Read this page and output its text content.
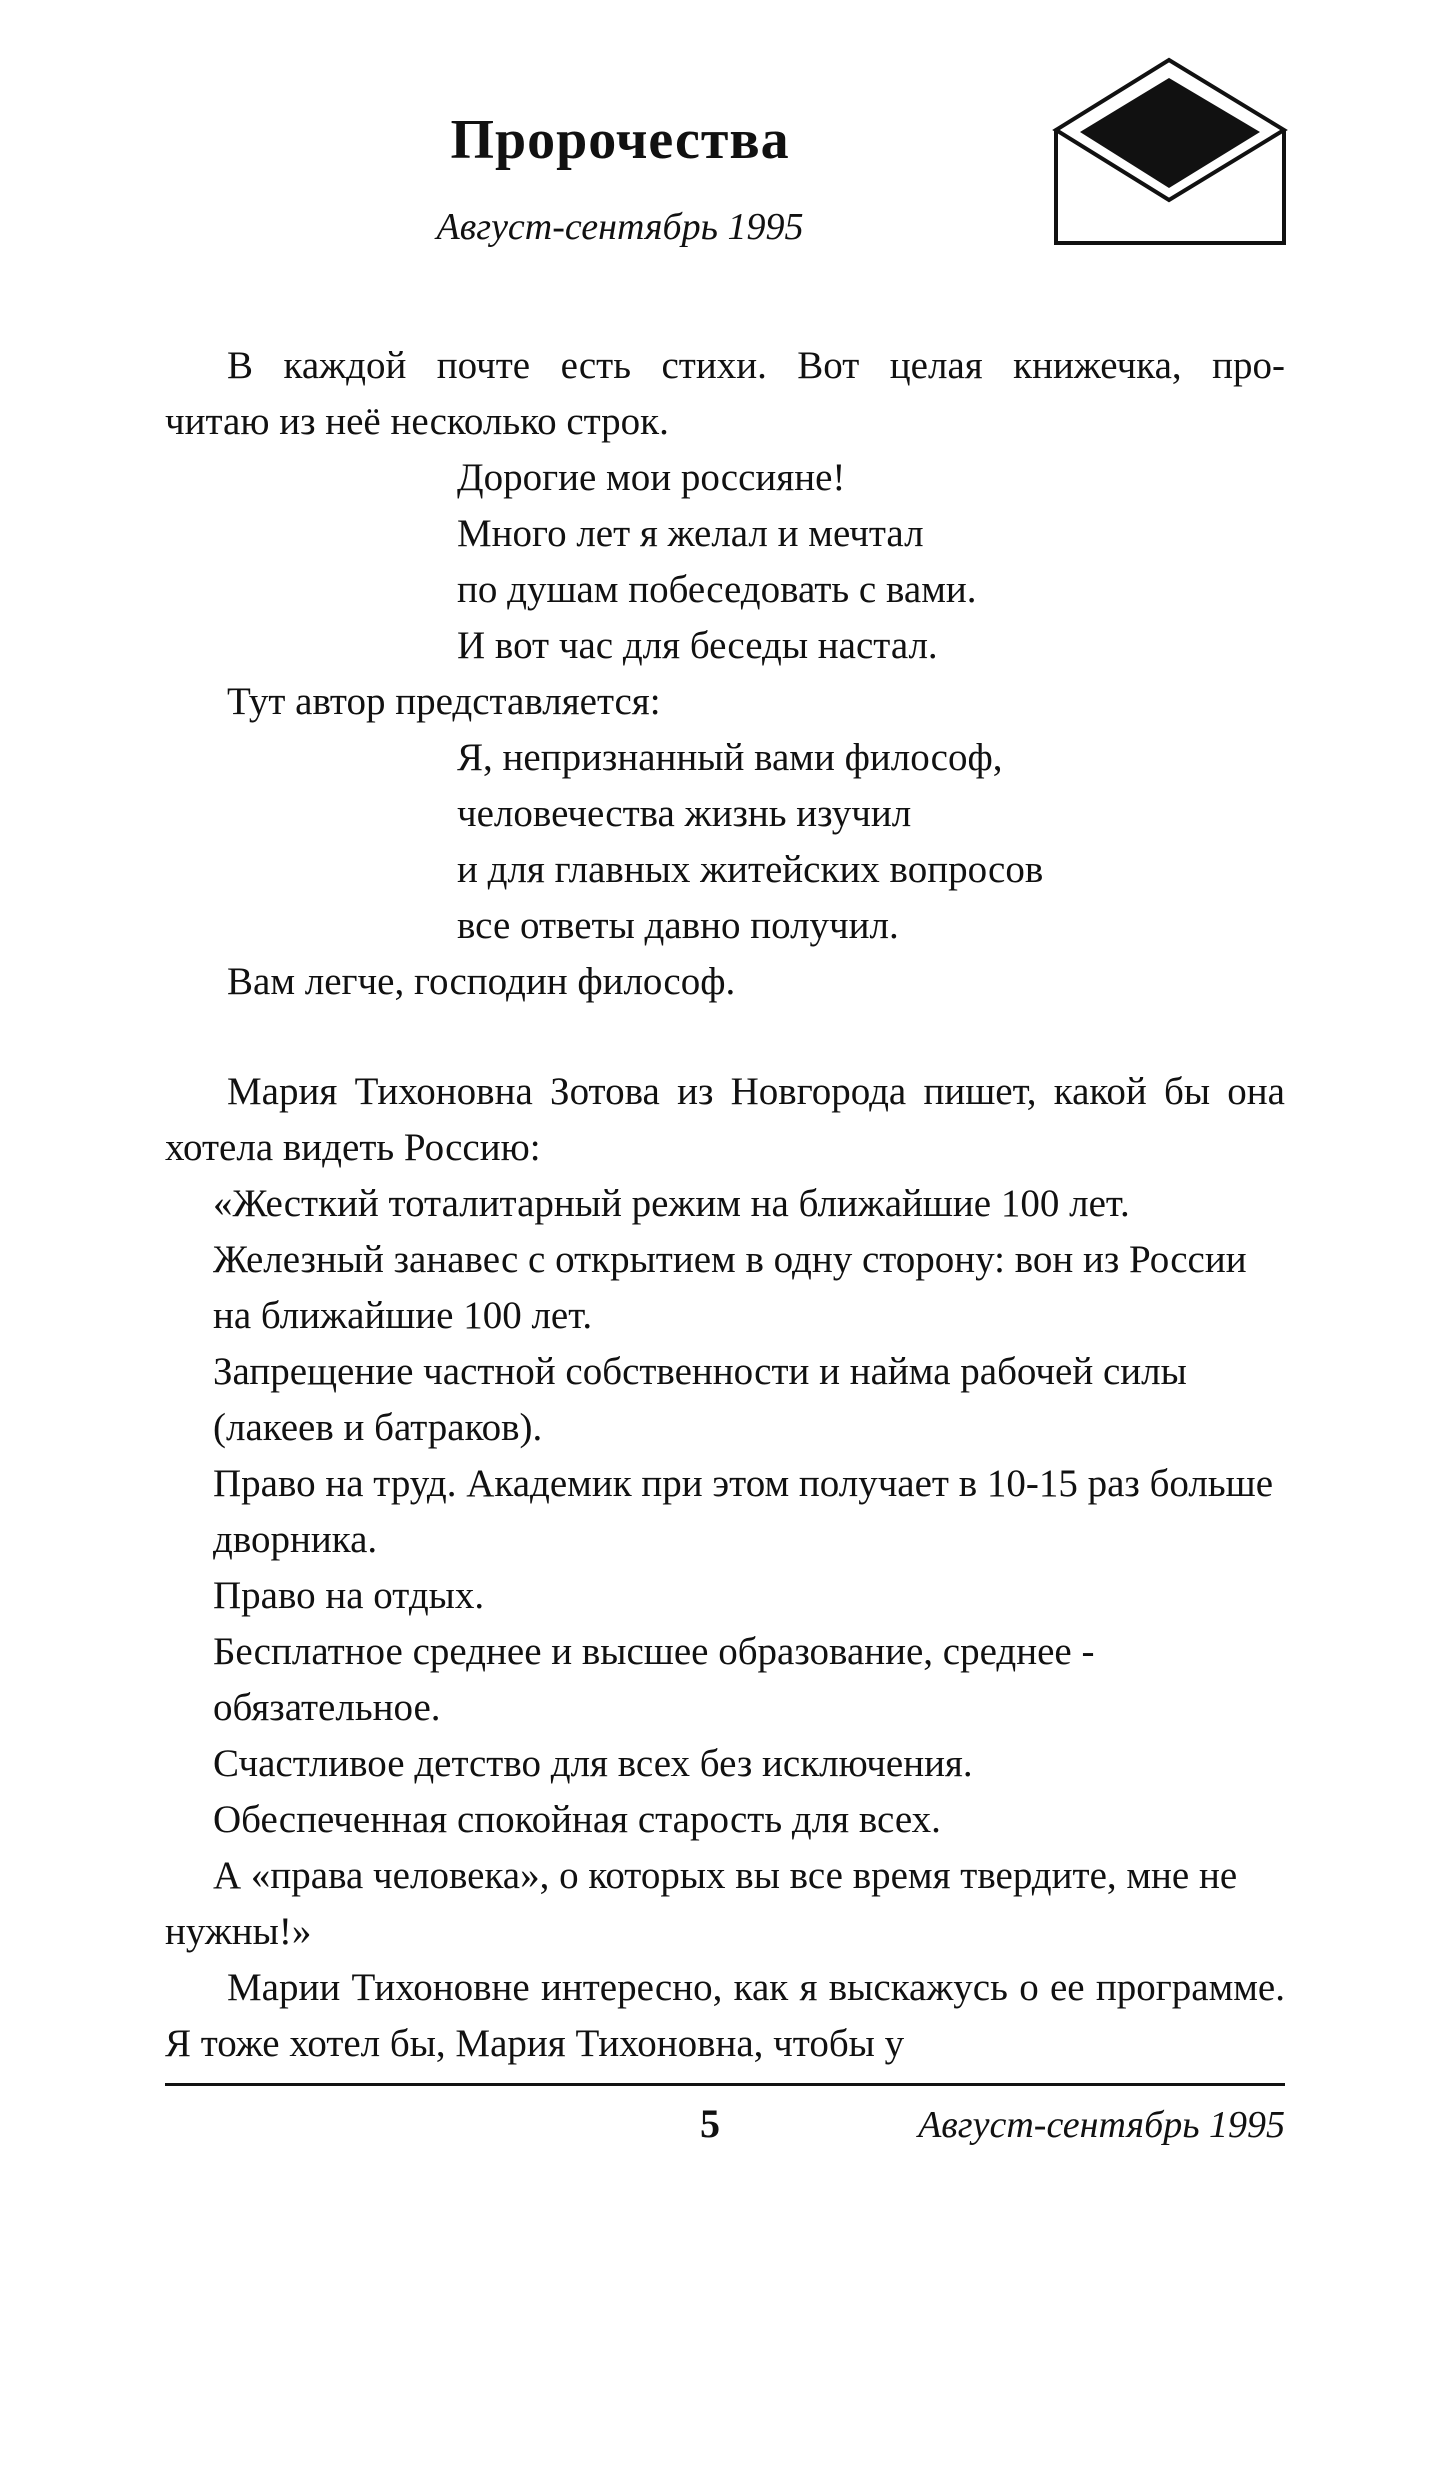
Пророчества
Август-сентябрь 1995

В каждой почте есть стихи. Вот целая книжечка, про-

читаю из неё несколько строк.

Дорогие мои россияне!

Много лет я желал и мечтал

по душам побеседовать с вами.

И вот час для беседы настал.

Тут автор представляется:

Я, непризнанный вами философ,

человечества жизнь изучил

и для главных житейских вопросов

все ответы давно получил.

Вам легче, господин философ.

Мария Тихоновна Зотова из Новгорода пишет, какой бы она хотела видеть Россию:

«Жесткий тоталитарный режим на ближайшие 100 лет.

Железный занавес с открытием в одну сторону: вон из России на ближайшие 100 лет.

Запрещение частной собственности и найма рабочей силы (лакеев и батраков).

Право на труд. Академик при этом получает в 10-15 раз больше дворника.

Право на отдых.

Бесплатное среднее и высшее образование, среднее - обязательное.

Счастливое детство для всех без исключения.

Обеспеченная спокойная старость для всех.

А «права человека», о которых вы все время твердите, мне не нужны!»

Марии Тихоновне интересно, как я выскажусь о ее программе. Я тоже хотел бы, Мария Тихоновна, чтобы у

5	Август-сентябрь 1995
